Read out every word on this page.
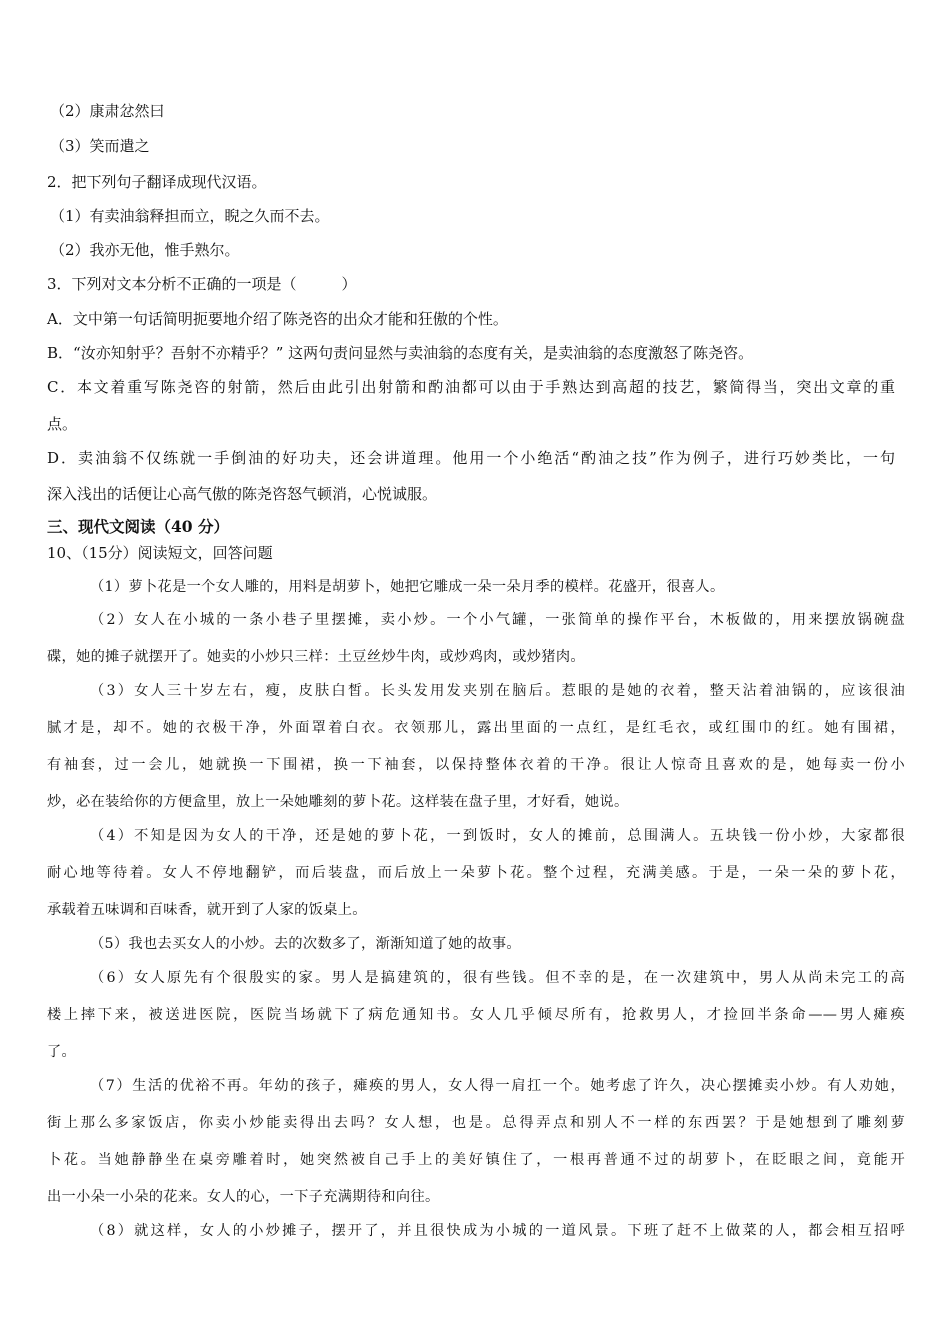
（2）康肃忿然曰
（3）笑而遣之
2．把下列句子翻译成现代汉语。
（1）有卖油翁释担而立，睨之久而不去。
（2）我亦无他，惟手熟尔。
3．下列对文本分析不正确的一项是（　　　）
A．文中第一句话简明扼要地介绍了陈尧咨的出众才能和狂傲的个性。
B．“汝亦知射乎？吾射不亦精乎？” 这两句责问显然与卖油翁的态度有关，是卖油翁的态度激怒了陈尧咨。
C．本文着重写陈尧咨的射箭，然后由此引出射箭和酌油都可以由于手熟达到高超的技艺，繁简得当，突出文章的重
点。
D．卖油翁不仅练就一手倒油的好功夫，还会讲道理。他用一个小绝活“酌油之技”作为例子，进行巧妙类比，一句
深入浅出的话便让心高气傲的陈尧咨怒气顿消，心悦诚服。
三、现代文阅读（40 分）
10、（15分）阅读短文，回答问题
（1）萝卜花是一个女人雕的，用料是胡萝卜，她把它雕成一朵一朵月季的模样。花盛开，很喜人。
（2）女人在小城的一条小巷子里摆摊，卖小炒。一个小气罐，一张简单的操作平台，木板做的，用来摆放锅碗盘
碟，她的摊子就摆开了。她卖的小炒只三样：土豆丝炒牛肉，或炒鸡肉，或炒猪肉。
（3）女人三十岁左右，瘦，皮肤白皙。长头发用发夹别在脑后。惹眼的是她的衣着，整天沾着油锅的，应该很油
腻才是，却不。她的衣极干净，外面罩着白衣。衣领那儿，露出里面的一点红，是红毛衣，或红围巾的红。她有围裙，
有袖套，过一会儿，她就换一下围裙，换一下袖套，以保持整体衣着的干净。很让人惊奇且喜欢的是，她每卖一份小
炒，必在装给你的方便盒里，放上一朵她雕刻的萝卜花。这样装在盘子里，才好看，她说。
（4）不知是因为女人的干净，还是她的萝卜花，一到饭时，女人的摊前，总围满人。五块钱一份小炒，大家都很
耐心地等待着。女人不停地翻铲，而后装盘，而后放上一朵萝卜花。整个过程，充满美感。于是，一朵一朵的萝卜花，
承载着五味调和百味香，就开到了人家的饭桌上。
（5）我也去买女人的小炒。去的次数多了，渐渐知道了她的故事。
（6）女人原先有个很殷实的家。男人是搞建筑的，很有些钱。但不幸的是，在一次建筑中，男人从尚未完工的高
楼上摔下来，被送进医院，医院当场就下了病危通知书。女人几乎倾尽所有，抢救男人，才捡回半条命——男人瘫痪
了。
（7）生活的优裕不再。年幼的孩子，瘫痪的男人，女人得一肩扛一个。她考虑了许久，决心摆摊卖小炒。有人劝她，
街上那么多家饭店，你卖小炒能卖得出去吗？女人想，也是。总得弄点和别人不一样的东西罢？于是她想到了雕刻萝
卜花。当她静静坐在桌旁雕着时，她突然被自己手上的美好镇住了，一根再普通不过的胡萝卜，在眨眼之间，竟能开
出一小朵一小朵的花来。女人的心，一下子充满期待和向往。
（8）就这样，女人的小炒摊子，摆开了，并且很快成为小城的一道风景。下班了赶不上做菜的人，都会相互招呼
